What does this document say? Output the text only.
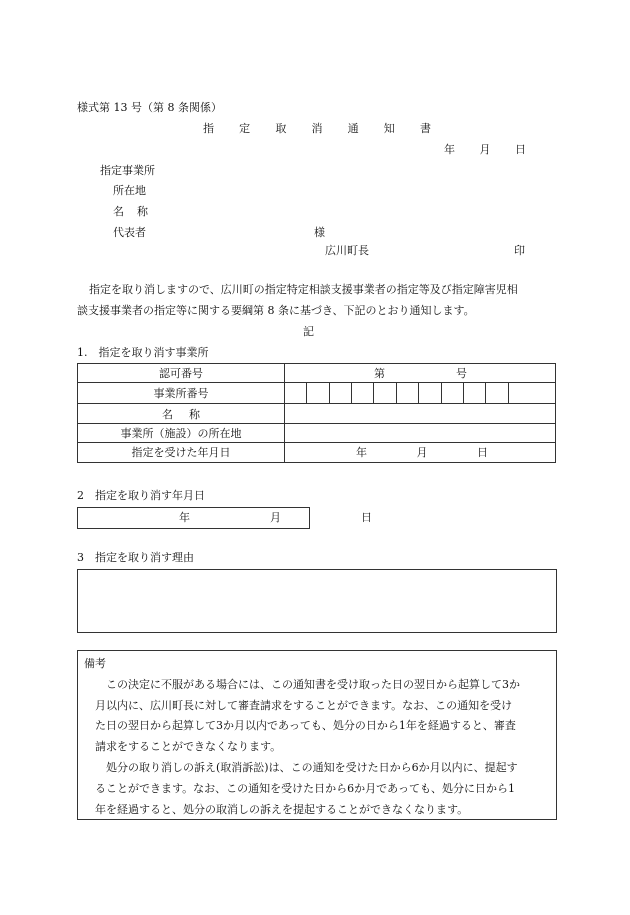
様式第 13 号（第 8 条関係）
指 定 取 消 通 知 書
年 月 日
指定事業所
所在地
名 称
代表者	様
広川町長	印
指定を取り消しますので、広川町の指定特定相談支援事業者の指定等及び指定障害児相
談支援事業者の指定等に関する要綱第 8 条に基づき、下記のとおり通知します。
記
1.　指定を取り消す事業所
認可番号	第 号

事業所番号	

名 称	

事業所（施設）の所在地	
指定を受けた年月日	年 月 日
2　指定を取り消す年月日
年	月	日
3　指定を取り消す理由

備考

　　この決定に不服がある場合には、この通知書を受け取った日の翌日から起算して3か

　月以内に、広川町長に対して審査請求をすることができます。なお、この通知を受け

　た日の翌日から起算して3か月以内であっても、処分の日から1年を経過すると、審査

　請求をすることができなくなります。

　　処分の取り消しの訴え(取消訴訟)は、この通知を受けた日から6か月以内に、提起す

　ることができます。なお、この通知を受けた日から6か月であっても、処分に日から1

　年を経過すると、処分の取消しの訴えを提起することができなくなります。
